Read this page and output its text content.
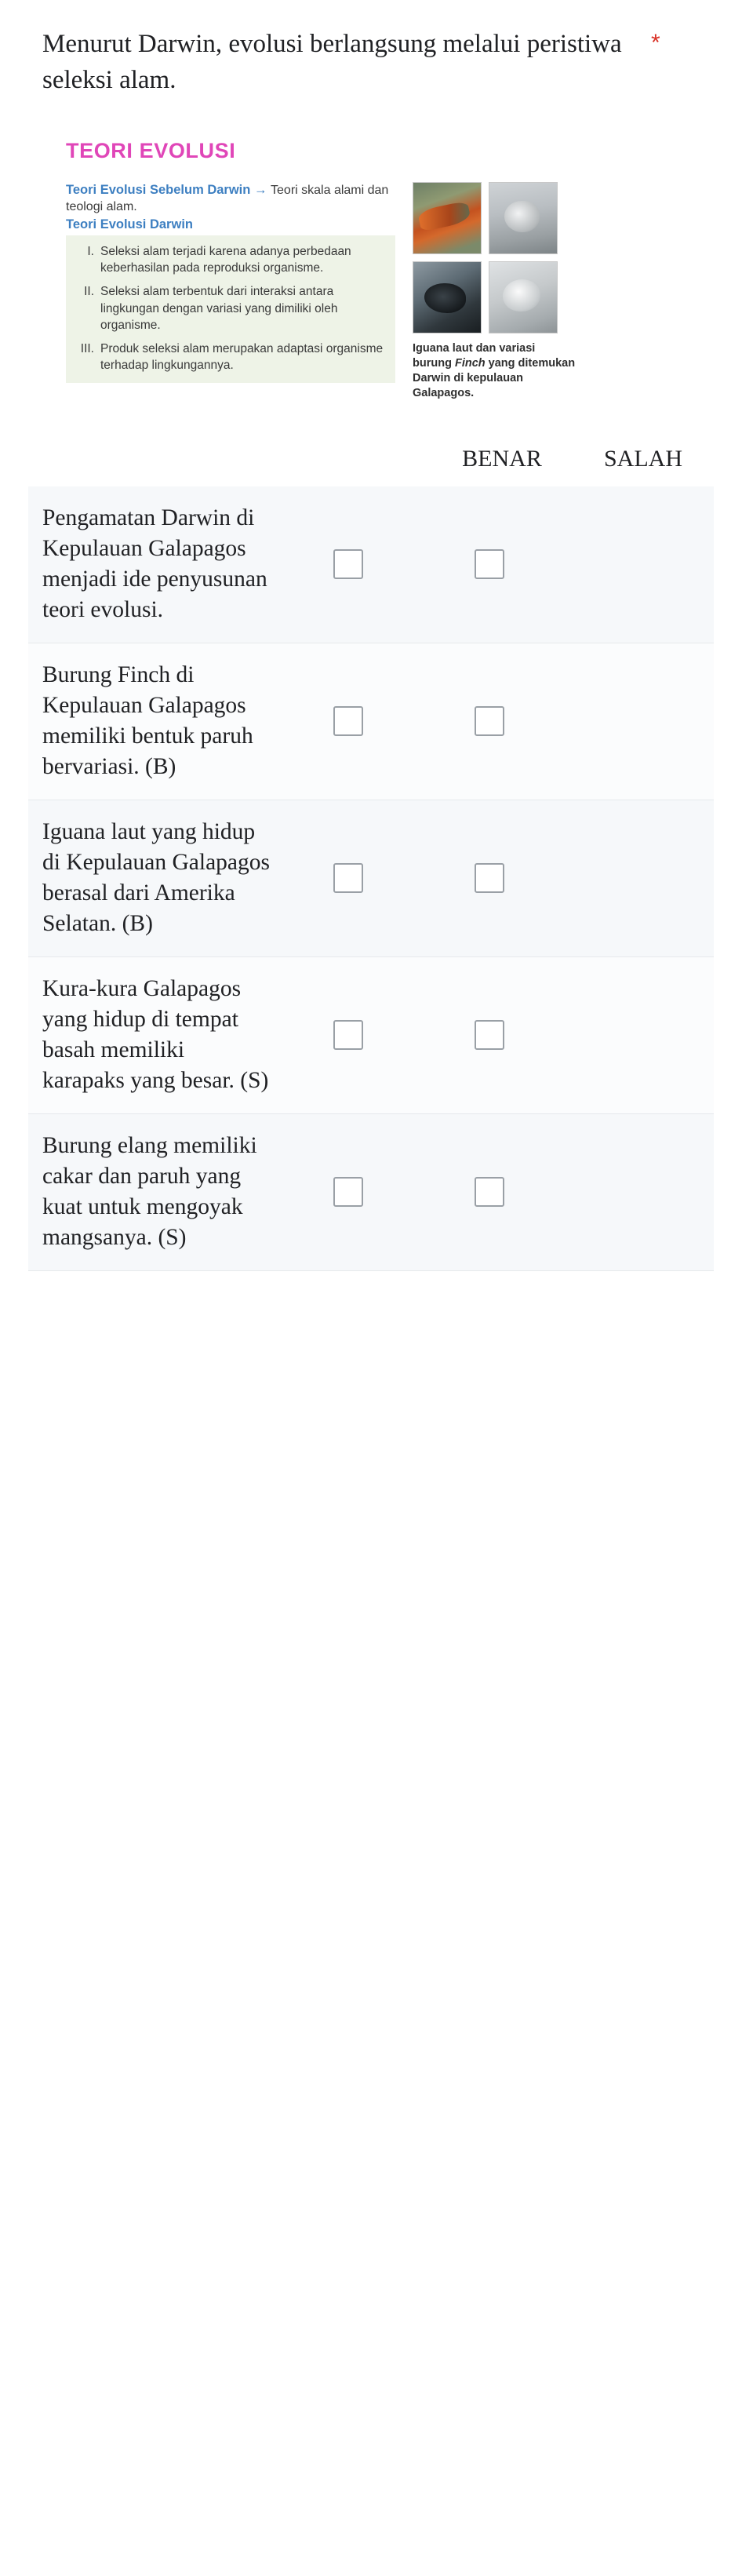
Menurut Darwin, evolusi berlangsung melalui peristiwa seleksi alam.
*
TEORI EVOLUSI
Teori Evolusi Sebelum Darwin → Teori skala alami dan teologi alam.
Teori Evolusi Darwin
I. Seleksi alam terjadi karena adanya perbedaan keberhasilan pada reproduksi organisme.
II. Seleksi alam terbentuk dari interaksi antara lingkungan dengan variasi yang dimiliki oleh organisme.
III. Produk seleksi alam merupakan adaptasi organisme terhadap lingkungannya.
Iguana laut dan variasi burung Finch yang ditemukan Darwin di kepulauan Galapagos.
BENAR	SALAH
Pengamatan Darwin di Kepulauan Galapagos menjadi ide penyusunan teori evolusi.
Burung Finch di Kepulauan Galapagos memiliki bentuk paruh bervariasi. (B)
Iguana laut yang hidup di Kepulauan Galapagos berasal dari Amerika Selatan. (B)
Kura-kura Galapagos yang hidup di tempat basah memiliki karapaks yang besar. (S)
Burung elang memiliki cakar dan paruh yang kuat untuk mengoyak mangsanya. (S)
